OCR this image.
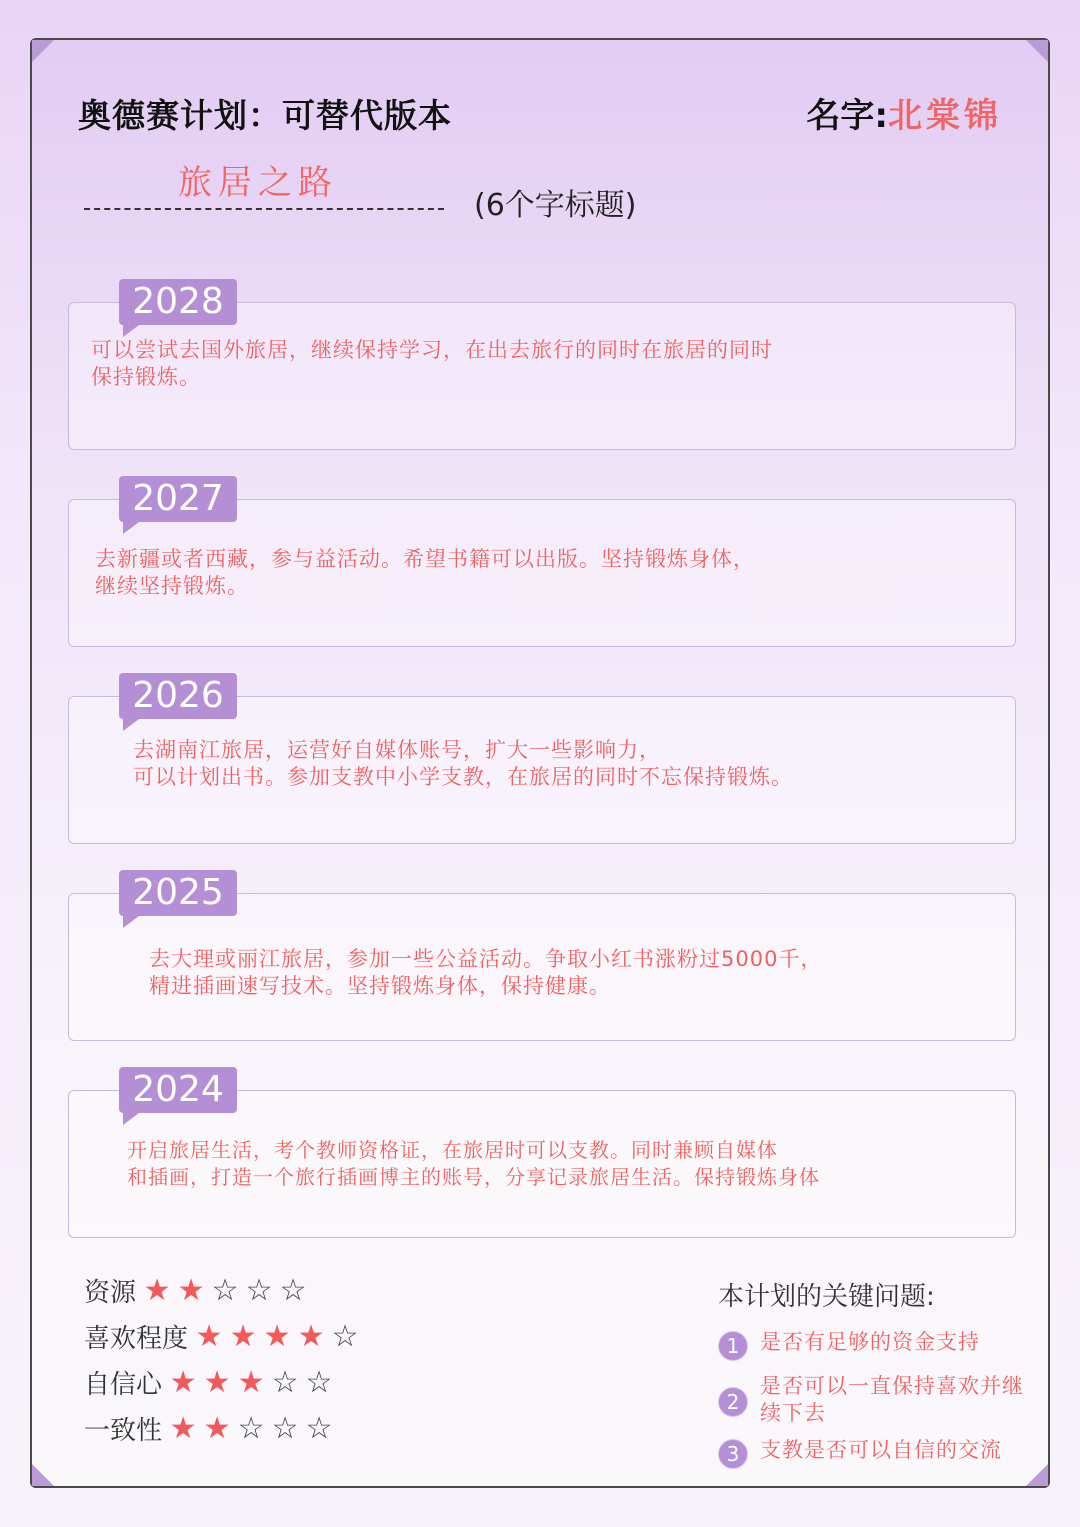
奥德赛计划：可替代版本	名字:北棠锦
旅居之路
(6个字标题)
2028
可以尝试去国外旅居，继续保持学习，在出去旅行的同时在旅居的同时
保持锻炼。
2027
去新疆或者西藏，参与益活动。希望书籍可以出版。坚持锻炼身体，
继续坚持锻炼。
2026
去湖南江旅居，运营好自媒体账号，扩大一些影响力，
可以计划出书。参加支教中小学支教，在旅居的同时不忘保持锻炼。
2025
去大理或丽江旅居，参加一些公益活动。争取小红书涨粉过5000千，
精进插画速写技术。坚持锻炼身体，保持健康。
2024
开启旅居生活，考个教师资格证，在旅居时可以支教。同时兼顾自媒体
和插画，打造一个旅行插画博主的账号，分享记录旅居生活。保持锻炼身体
资源 ★ ★ ☆ ☆ ☆
喜欢程度 ★ ★ ★ ★ ☆
自信心 ★ ★ ★ ☆ ☆
一致性 ★ ★ ☆ ☆ ☆
本计划的关键问题:
1 是否有足够的资金支持
2
是否可以一直保持喜欢并继续下去
3 支教是否可以自信的交流
